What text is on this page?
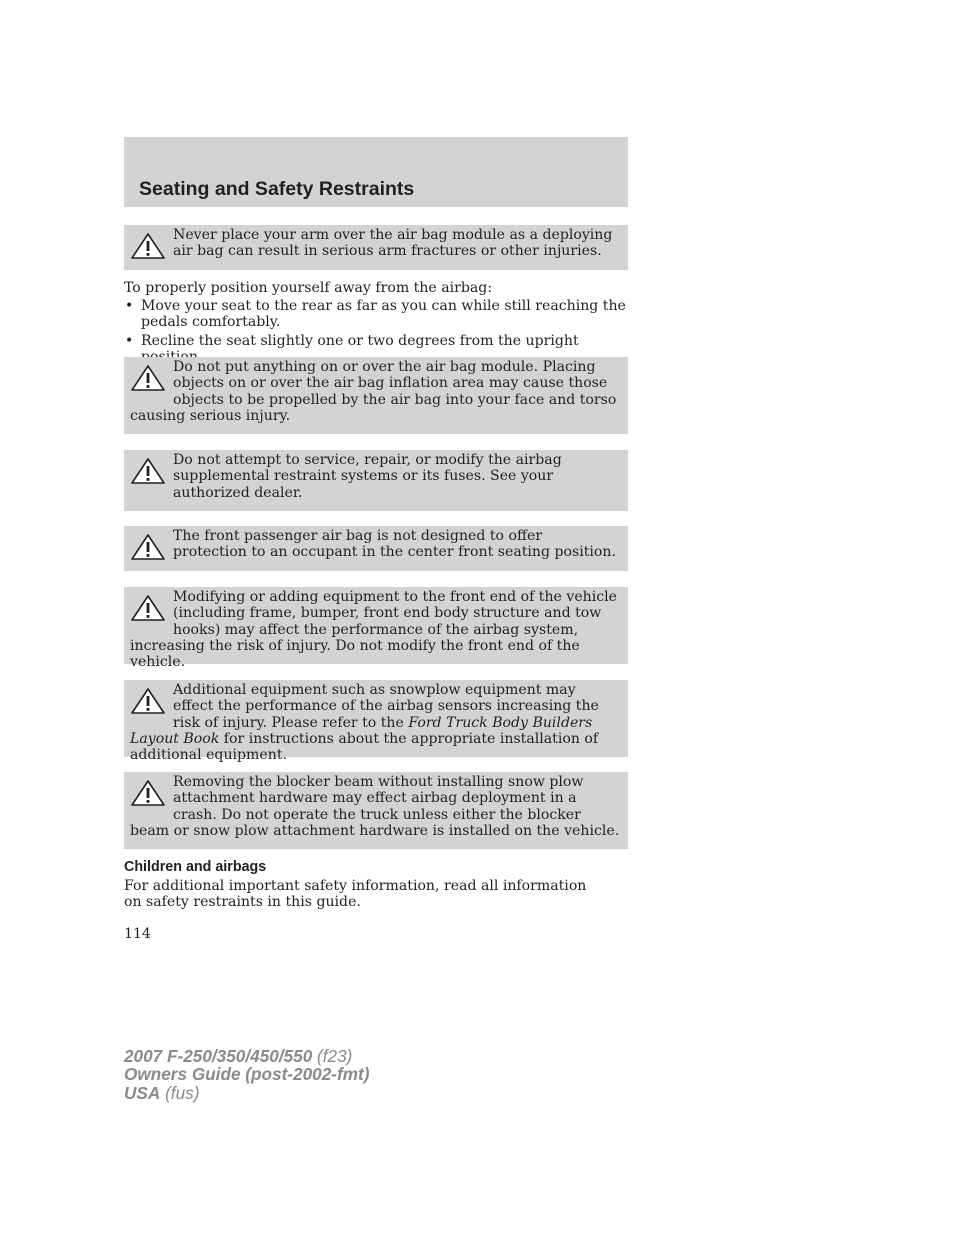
Seating and Safety Restraints

Never place your arm over the air bag module as a deploying air bag can result in serious arm fractures or other injuries.

To properly position yourself away from the airbag:

• Move your seat to the rear as far as you can while still reaching the pedals comfortably.
• Recline the seat slightly one or two degrees from the upright

Do not put anything on or over the air bag module. Placing objects on or over the air bag inflation area may cause those objects to be propelled by the air bag into your face and torso causing serious injury.

Do not attempt to service, repair, or modify the airbag supplemental restraint systems or its fuses. See your authorized dealer.

The front passenger air bag is not designed to offer protection to an occupant in the center front seating position.

Modifying or adding equipment to the front end of the vehicle (including frame, bumper, front end body structure and tow hooks) may affect the performance of the airbag system, increasing the risk of injury. Do not modify the front end of the vehicle.

Additional equipment such as snowplow equipment may effect the performance of the airbag sensors increasing the risk of injury. Please refer to the Ford Truck Body Builders Layout Book for instructions about the appropriate installation of additional equipment.

Removing the blocker beam without installing snow plow attachment hardware may effect airbag deployment in a crash. Do not operate the truck unless either the blocker beam or snow plow attachment hardware is installed on the vehicle.

Children and airbags

For additional important safety information, read all information on safety restraints in this guide.

114

2007 F-250/350/450/550 (f23)
Owners Guide (post-2002-fmt)
USA (fus)
